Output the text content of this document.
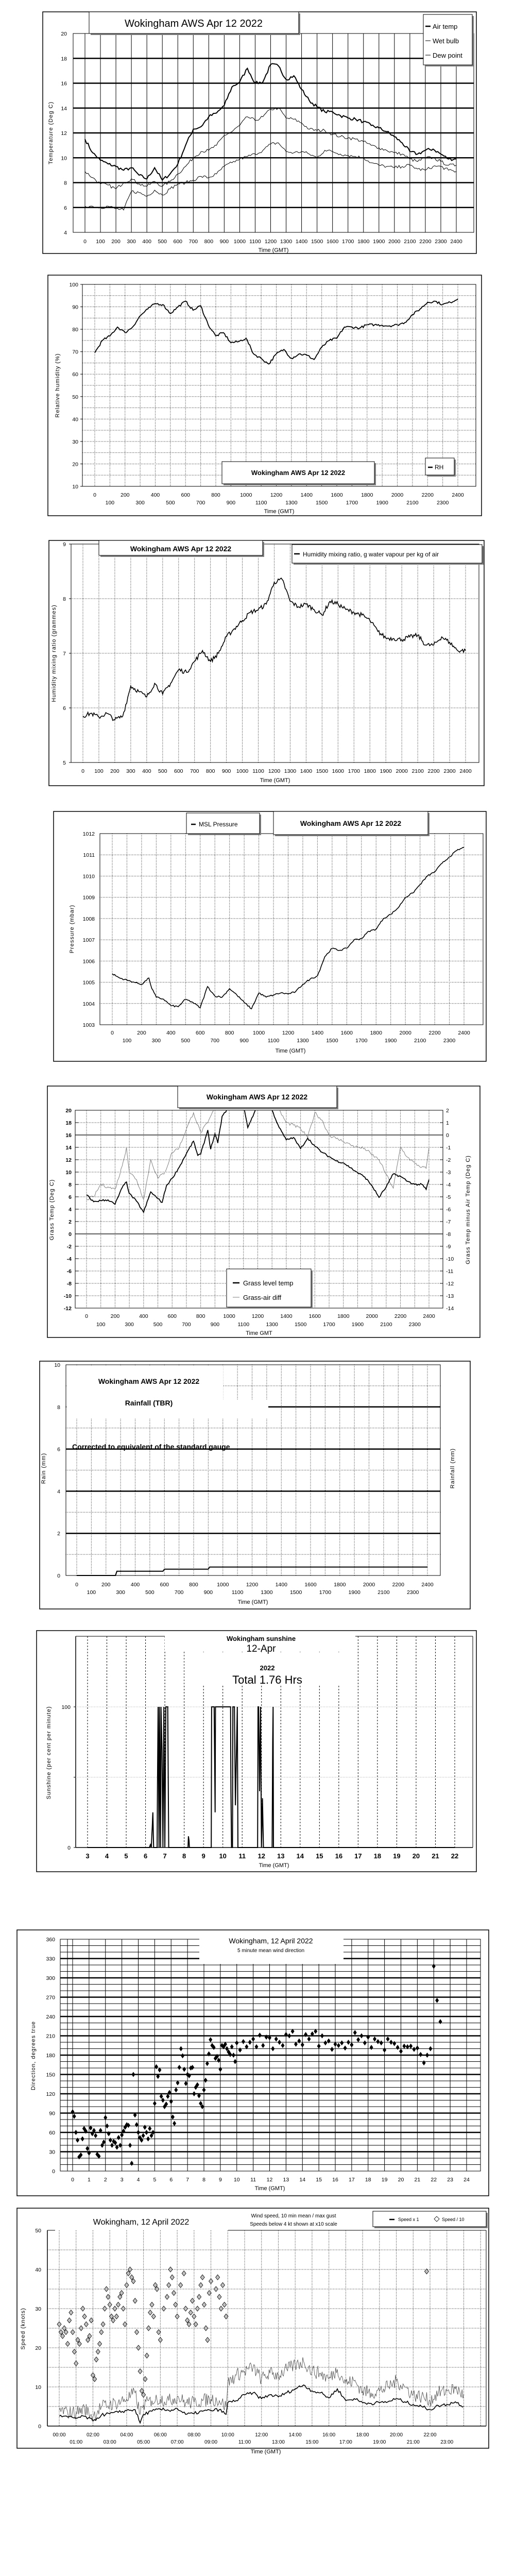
0 100 200 300 400 500 600 700 800 900 1000 1100 1200 1300 1400 1500 1600 1700 1800 1900 2000 2100 2200 2300 2400
4
6
8
10
12
14
16
18
20
Time (GMT)
Temperature (Deg C)
Wokingham AWS Apr 12 2022	Air temp
Wet bulb
Dew point
0	200	400	600	800	1000	1200	1400	1600	1800	2000	2200	2400
100	300	500	700	900	1100	1300	1500	1700	1900	2100	2300
10
20
30
40
50
60
70
80
90
100
Time (GMT)
Relative humidity (%)
Wokingham AWS Apr 12 2022
RH
0 100 200 300 400 500 600 700 800 900 1000 1100 1200 1300 1400 1500 1600 1700 1800 1900 2000 2100 2200 2300 2400
5
6
7
8
9
Time (GMT)
Humidity mixing ratio (grammes)
Wokingham AWS Apr 12 2022
Humidity mixing ratio, g water vapour per kg of air
0	200	400	600	800	1000	1200	1400	1600	1800	2000	2200	2400
100	300	500	700	900	1100	1300	1500	1700	1900	2100	2300
1003
1004
1005
1006
1007
1008
1009
1010
1011
1012
Time (GMT)
Pressure (mbar)
MSL Pressure	Wokingham AWS Apr 12 2022
-12
-10
-8
-6
-4
-2
0
2
4
6
8
10
12
14
16
18
20
-14
-13
-12
-11
-10
-9
-8
-7
-6
-5
-4
-3
-2
-1
0
1
2
0	200	400	600	800	1000	1200	1400	1600	1800	2000	2200	2400
100	300	500	700	900	1100	1300	1500	1700	1900	2100	2300
Time GMT
Grass Temp (Deg C)	Grass Temp minus Air Temp (Deg C)
Wokingham AWS Apr 12 2022
Grass level temp
Grass-air diff
0
2
4
6
8
10
0	200	400	600	800	1000	1200	1400	1600	1800	2000	2200	2400
100	300	500	700	900	1100	1300	1500	1700	1900	2100	2300
Time (GMT)
Rain (mm)	Rainfall (mm)
Wokingham AWS Apr 12 2022
Rainfall (TBR)
Corrected to equivalent of the standard gauge
3 4 5 6 7 8 9 10 11 12 13 14 15 16 17 18 19 20 21 22
0
100
Time (GMT)
Sunshine (per cent per minute)
Wokingham sunshine
12-Apr
2022
Total 1.76 Hrs
0
30
60
90
120
150
180
210
240
270
300
330
360
0 1 2 3 4 5 6 7 8 9 10 11 12 13 14 15 16 17 18 19 20 21 22 23 24
Time (GMT)
Direction, degrees true
Wokingham, 12 April 2022
5 minute mean wind direction
0
10
20
30
40
50
00:00	02:00	04:00	06:00	08:00	10:00	12:00	14:00	16:00	18:00	20:00	22:00
01:00	03:00	05:00	07:00	09:00	11:00	13:00	15:00	17:00	19:00	21:00	23:00
Time (GMT)
Speed (knots)
Wokingham, 12 April 2022
Wind speed, 10 min mean / max gust
Speeds below 4 kt shown at x10 scale
Speed x 1	Speed / 10
